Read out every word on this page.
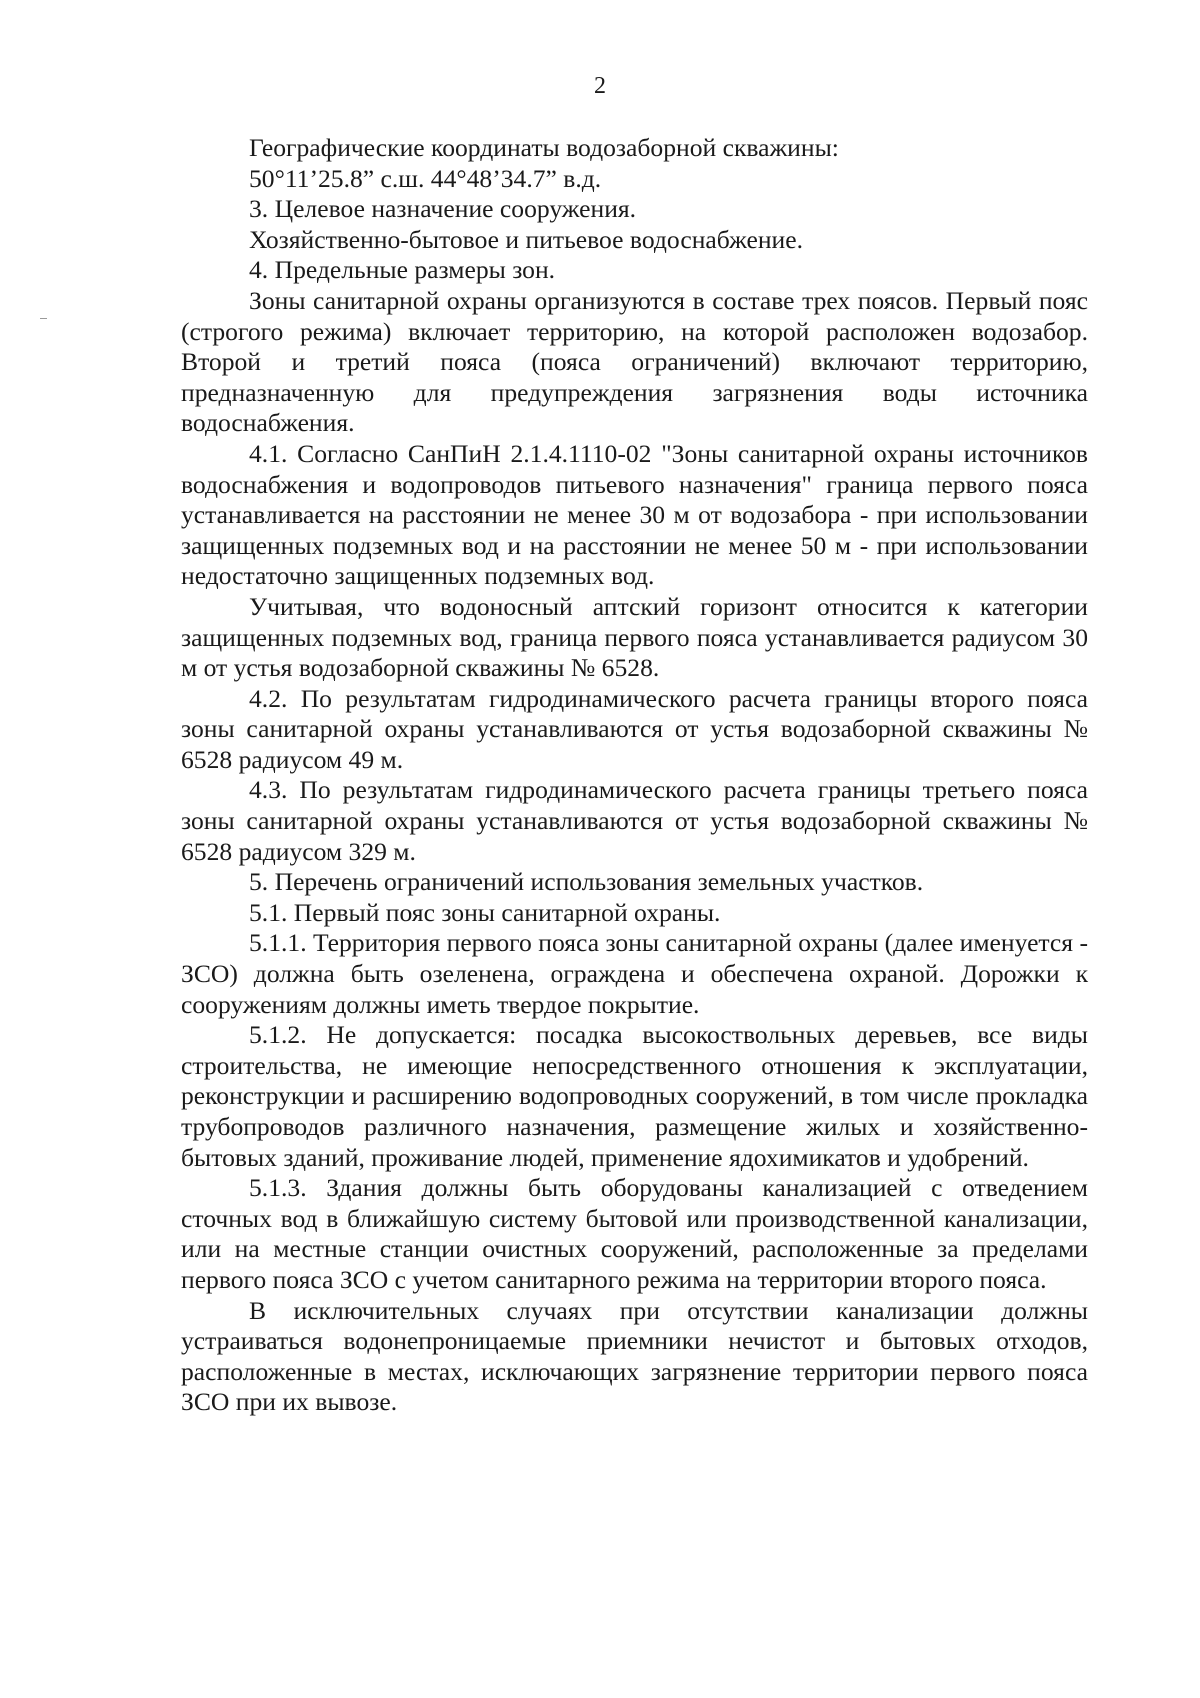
2

Географические координаты водозаборной скважины:

50°11’25.8” с.ш. 44°48’34.7” в.д.

3. Целевое назначение сооружения.

Хозяйственно-бытовое и питьевое водоснабжение.

4. Предельные размеры зон.

Зоны санитарной охраны организуются в составе трех поясов. Первый пояс (строгого режима) включает территорию, на которой расположен водозабор. Второй и третий пояса (пояса ограничений) включают территорию, предназначенную для предупреждения загрязнения воды источника водоснабжения.

4.1. Согласно СанПиН 2.1.4.1110-02 "Зоны санитарной охраны источников водоснабжения и водопроводов питьевого назначения" граница первого пояса устанавливается на расстоянии не менее 30 м от водозабора - при использовании защищенных подземных вод и на расстоянии не менее 50 м - при использовании недостаточно защищенных подземных вод.

Учитывая, что водоносный аптский горизонт относится к категории защищенных подземных вод, граница первого пояса устанавливается радиусом 30 м от устья водозаборной скважины № 6528.

4.2. По результатам гидродинамического расчета границы второго пояса зоны санитарной охраны устанавливаются от устья водозаборной скважины № 6528 радиусом 49 м.

4.3. По результатам гидродинамического расчета границы третьего пояса зоны санитарной охраны устанавливаются от устья водозаборной скважины № 6528 радиусом 329 м.

5. Перечень ограничений использования земельных участков.

5.1. Первый пояс зоны санитарной охраны.

5.1.1. Территория первого пояса зоны санитарной охраны (далее именуется - ЗСО) должна быть озеленена, ограждена и обеспечена охраной. Дорожки к сооружениям должны иметь твердое покрытие.

5.1.2. Не допускается: посадка высокоствольных деревьев, все виды строительства, не имеющие непосредственного отношения к эксплуатации, реконструкции и расширению водопроводных сооружений, в том числе прокладка трубопроводов различного назначения, размещение жилых и хозяйственно-бытовых зданий, проживание людей, применение ядохимикатов и удобрений.

5.1.3. Здания должны быть оборудованы канализацией с отведением сточных вод в ближайшую систему бытовой или производственной канализации, или на местные станции очистных сооружений, расположенные за пределами первого пояса ЗСО с учетом санитарного режима на территории второго пояса.

В исключительных случаях при отсутствии канализации должны устраиваться водонепроницаемые приемники нечистот и бытовых отходов, расположенные в местах, исключающих загрязнение территории первого пояса ЗСО при их вывозе.
